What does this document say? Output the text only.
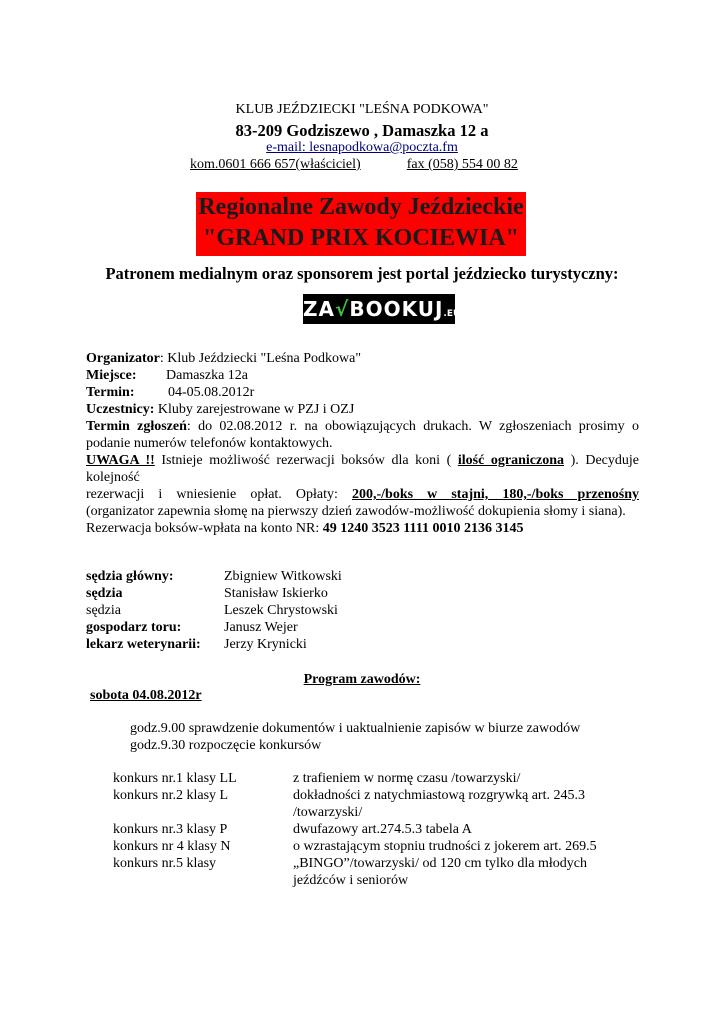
KLUB JEŹDZIECKI "LEŚNA PODKOWA"
83-209 Godziszewo , Damaszka 12 a
e-mail: lesnapodkowa@poczta.fm
kom.0601 666 657(właściciel)	fax (058) 554 00 82
Regionalne Zawody Jeździeckie
"GRAND PRIX KOCIEWIA"
Patronem medialnym oraz sponsorem jest portal jeździecko turystyczny:
ZA√BOOKUJ.EU
Organizator: Klub Jeździecki "Leśna Podkowa"
Miejsce: Damaszka 12a
Termin: 04-05.08.2012r
Uczestnicy: Kluby zarejestrowane w PZJ i OZJ
Termin zgłoszeń: do 02.08.2012 r. na obowiązujących drukach. W zgłoszeniach prosimy o podanie numerów telefonów kontaktowych.
UWAGA !! Istnieje możliwość rezerwacji boksów dla koni ( ilość ograniczona ). Decyduje kolejność
rezerwacji i wniesienie opłat. Opłaty: 200,-/boks w stajni, 180,-/boks przenośny
(organizator zapewnia słomę na pierwszy dzień zawodów-możliwość dokupienia słomy i siana).
Rezerwacja boksów-wpłata na konto NR: 49 1240 3523 1111 0010 2136 3145
sędzia główny:	Zbigniew Witkowski
sędzia	Stanisław Iskierko
sędzia	Leszek Chrystowski
gospodarz toru:	Janusz Wejer
lekarz weterynarii: Jerzy Krynicki
Program zawodów:
sobota 04.08.2012r
godz.9.00 sprawdzenie dokumentów i uaktualnienie zapisów w biurze zawodów
godz.9.30 rozpoczęcie konkursów
konkurs nr.1 klasy LL	z trafieniem w normę czasu /towarzyski/
konkurs nr.2 klasy L	dokładności z natychmiastową rozgrywką art. 245.3 /towarzyski/
konkurs nr.3 klasy P	dwufazowy art.274.5.3 tabela A
konkurs nr 4 klasy N	o wzrastającym stopniu trudności z jokerem art. 269.5
konkurs nr.5 klasy	„BINGO”/towarzyski/ od 120 cm tylko dla młodych jeźdźców i seniorów
